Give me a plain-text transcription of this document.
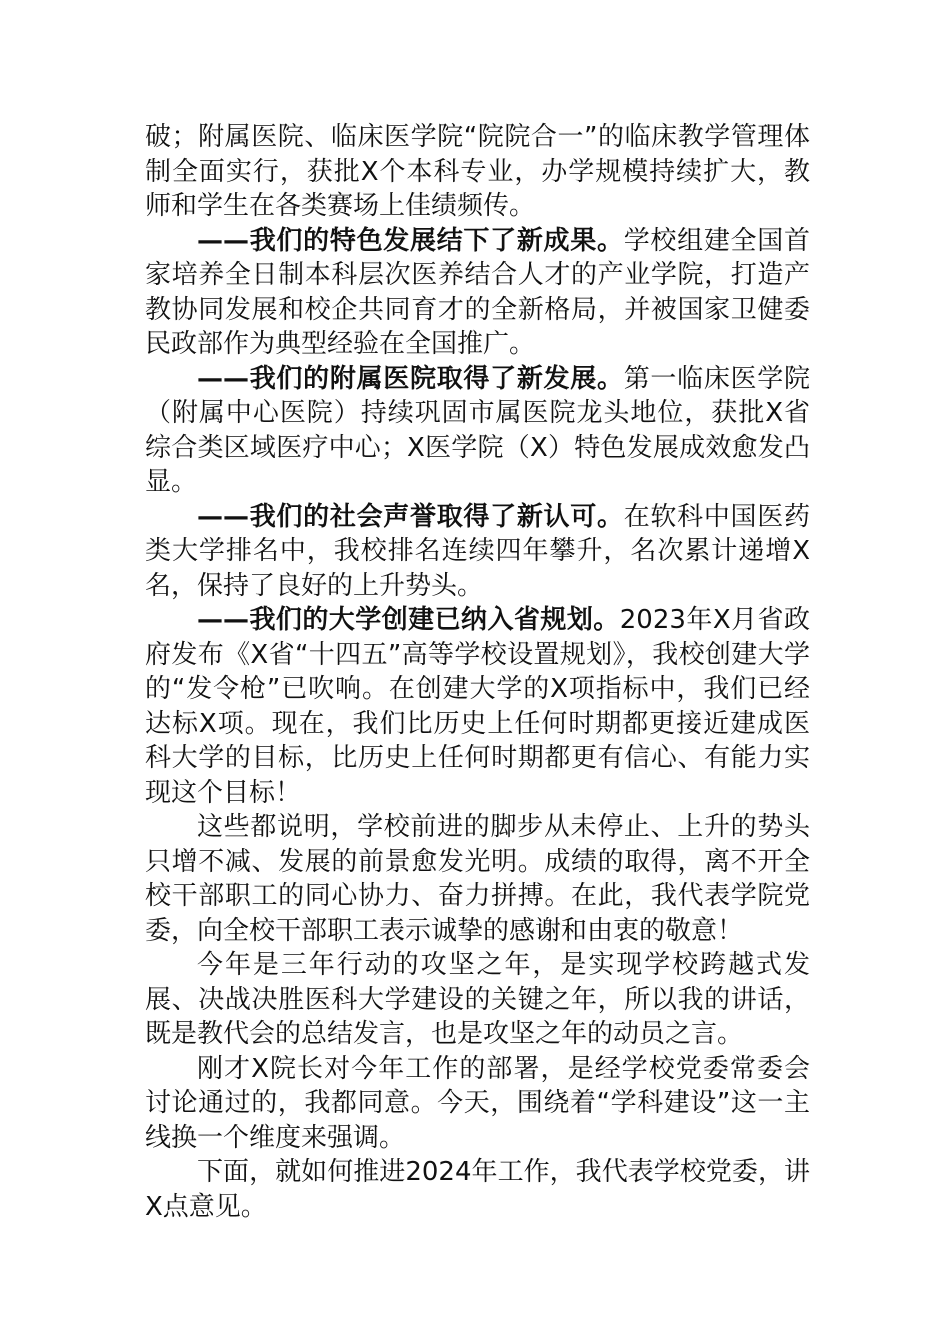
破；附属医院、临床医学院“院院合一”的临床教学管理体制全面实行，获批X个本科专业，办学规模持续扩大，教师和学生在各类赛场上佳绩频传。

——我们的特色发展结下了新成果。学校组建全国首家培养全日制本科层次医养结合人才的产业学院，打造产教协同发展和校企共同育才的全新格局，并被国家卫健委民政部作为典型经验在全国推广。

——我们的附属医院取得了新发展。第一临床医学院（附属中心医院）持续巩固市属医院龙头地位，获批X省综合类区域医疗中心；X医学院（X）特色发展成效愈发凸显。

——我们的社会声誉取得了新认可。在软科中国医药类大学排名中，我校排名连续四年攀升，名次累计递增X名，保持了良好的上升势头。

——我们的大学创建已纳入省规划。2023年X月省政府发布《X省“十四五”高等学校设置规划》，我校创建大学的“发令枪”已吹响。在创建大学的X项指标中，我们已经达标X项。现在，我们比历史上任何时期都更接近建成医科大学的目标，比历史上任何时期都更有信心、有能力实现这个目标！

这些都说明，学校前进的脚步从未停止、上升的势头只增不减、发展的前景愈发光明。成绩的取得，离不开全校干部职工的同心协力、奋力拼搏。在此，我代表学院党委，向全校干部职工表示诚挚的感谢和由衷的敬意！

今年是三年行动的攻坚之年，是实现学校跨越式发展、决战决胜医科大学建设的关键之年，所以我的讲话，既是教代会的总结发言，也是攻坚之年的动员之言。

刚才X院长对今年工作的部署，是经学校党委常委会讨论通过的，我都同意。今天，围绕着“学科建设”这一主线换一个维度来强调。

下面，就如何推进2024年工作，我代表学校党委，讲X点意见。
